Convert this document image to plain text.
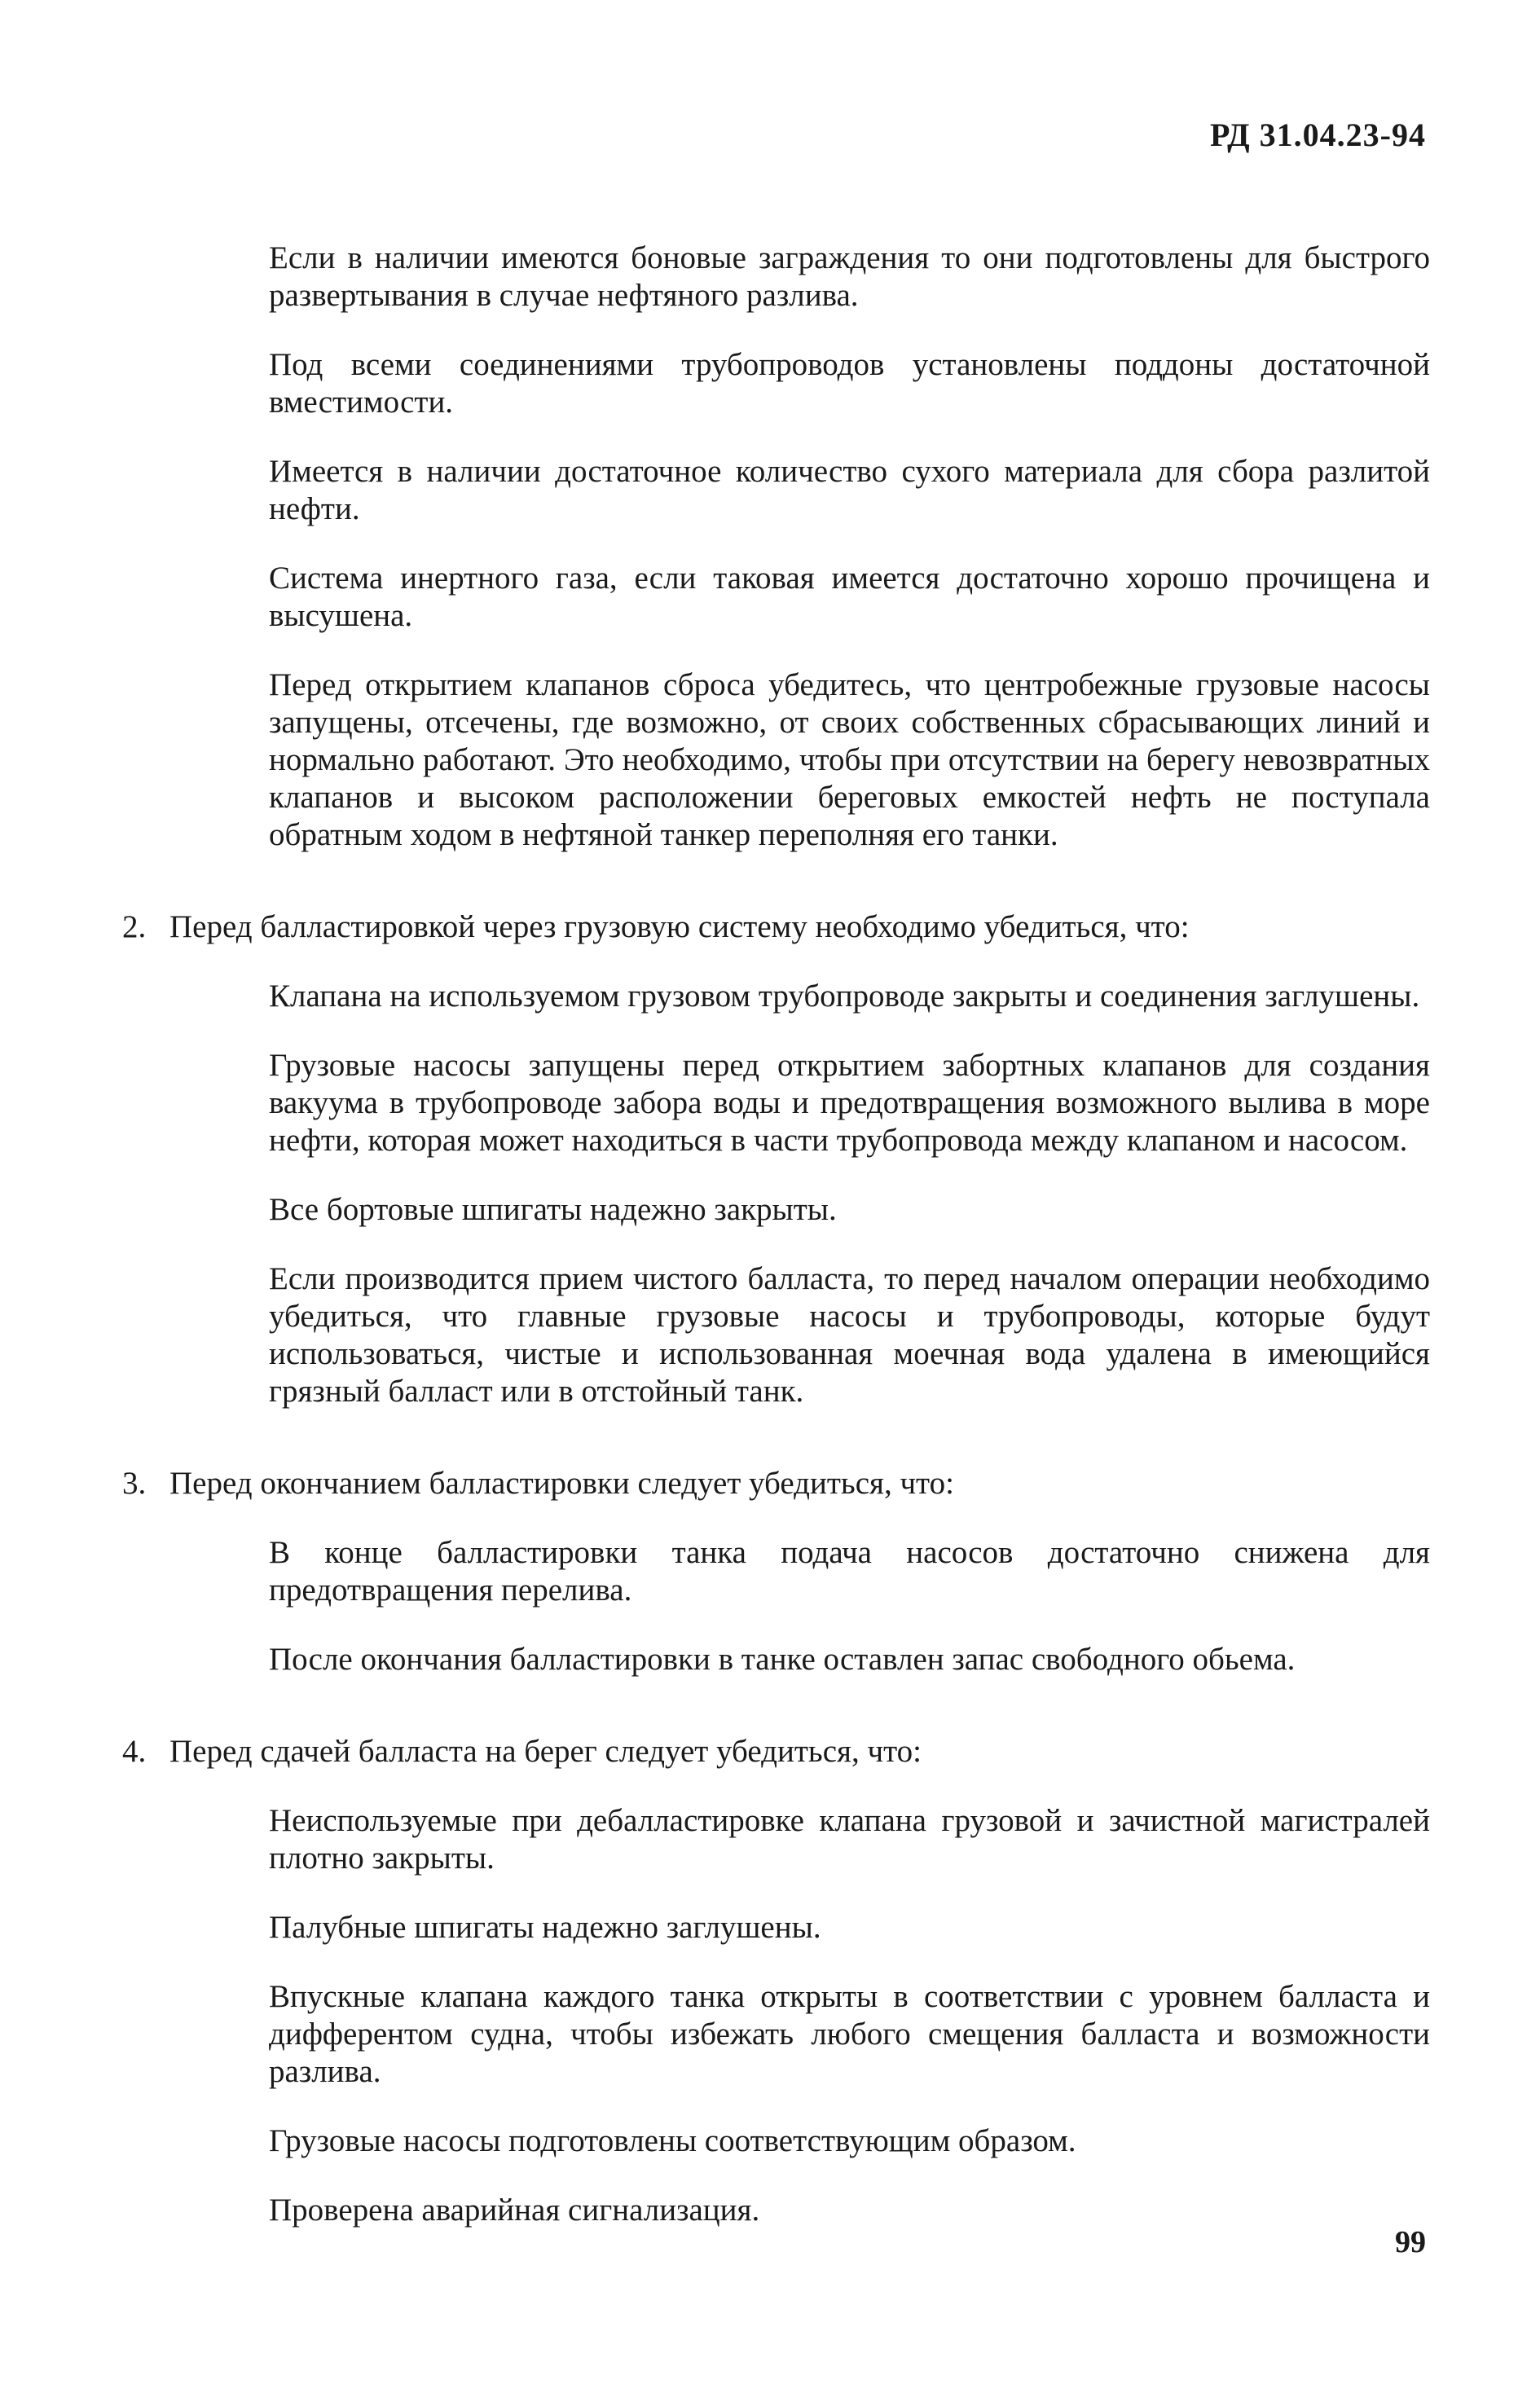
РД 31.04.23-94

Если в наличии имеются боновые заграждения то они подготовлены для быстрого развертывания в случае нефтяного разлива.

Под всеми соединениями трубопроводов установлены поддоны достаточной вместимости.

Имеется в наличии достаточное количество сухого материала для сбора разлитой нефти.

Система инертного газа, если таковая имеется достаточно хорошо прочищена и высушена.

Перед открытием клапанов сброса убедитесь, что центробежные грузовые насосы запущены, отсечены, где возможно, от своих собственных сбрасывающих линий и нормально работают. Это необходимо, чтобы при отсутствии на берегу невозвратных клапанов и высоком расположении береговых емкостей нефть не поступала обратным ходом в нефтяной танкер переполняя его танки.

2. Перед балластировкой через грузовую систему необходимо убедиться, что:

Клапана на используемом грузовом трубопроводе закрыты и соединения заглушены.

Грузовые насосы запущены перед открытием забортных клапанов для создания вакуума в трубопроводе забора воды и предотвращения возможного вылива в море нефти, которая может находиться в части трубопровода между клапаном и насосом.

Все бортовые шпигаты надежно закрыты.

Если производится прием чистого балласта, то перед началом операции необходимо убедиться, что главные грузовые насосы и трубопроводы, которые будут использоваться, чистые и использованная моечная вода удалена в имеющийся грязный балласт или в отстойный танк.

3. Перед окончанием балластировки следует убедиться, что:

В конце балластировки танка подача насосов достаточно снижена для предотвращения перелива.

После окончания балластировки в танке оставлен запас свободного обьема.

4. Перед сдачей балласта на берег следует убедиться, что:

Неиспользуемые при дебалластировке клапана грузовой и зачистной магистралей плотно закрыты.

Палубные шпигаты надежно заглушены.

Впускные клапана каждого танка открыты в соответствии с уровнем балласта и дифферентом судна, чтобы избежать любого смещения балласта и возможности разлива.

Грузовые насосы подготовлены соответствующим образом.

Проверена аварийная сигнализация.

99
